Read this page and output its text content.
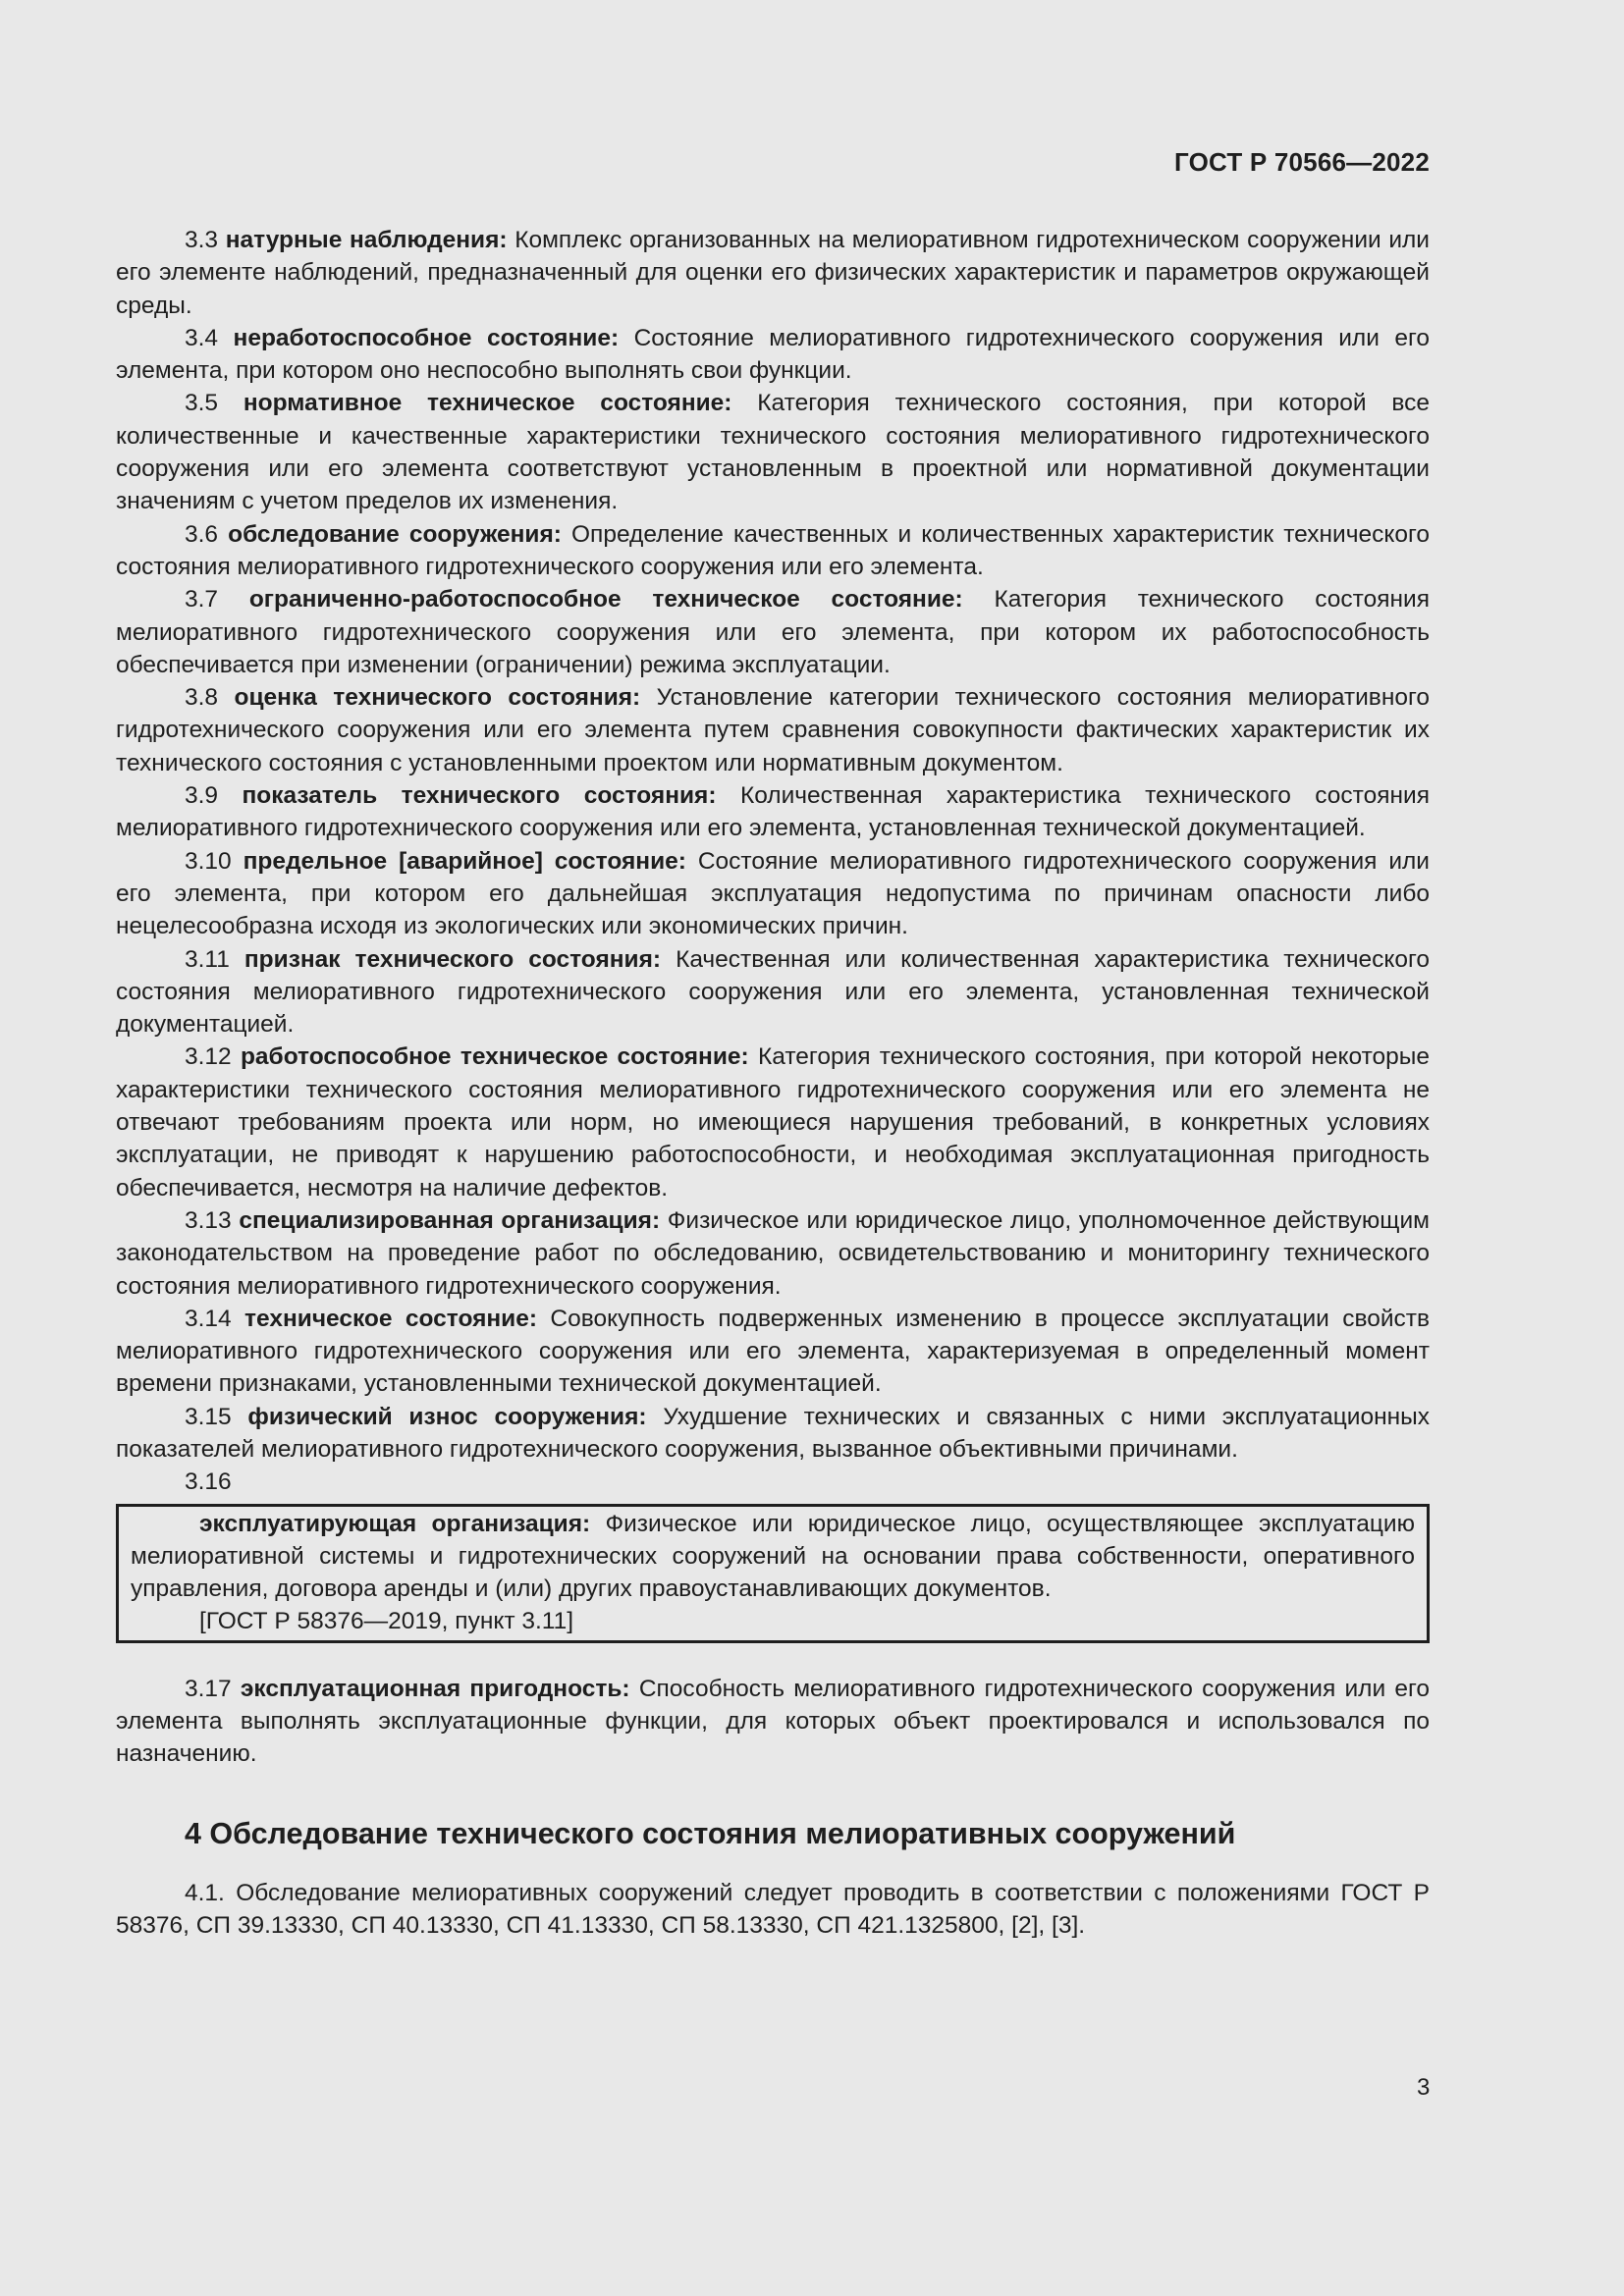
ГОСТ Р 70566—2022

3.3 натурные наблюдения: Комплекс организованных на мелиоративном гидротехническом сооружении или его элементе наблюдений, предназначенный для оценки его физических характеристик и параметров окружающей среды.

3.4 неработоспособное состояние: Состояние мелиоративного гидротехнического сооружения или его элемента, при котором оно неспособно выполнять свои функции.

3.5 нормативное техническое состояние: Категория технического состояния, при которой все количественные и качественные характеристики технического состояния мелиоративного гидротехнического сооружения или его элемента соответствуют установленным в проектной или нормативной документации значениям с учетом пределов их изменения.

3.6 обследование сооружения: Определение качественных и количественных характеристик технического состояния мелиоративного гидротехнического сооружения или его элемента.

3.7 ограниченно-работоспособное техническое состояние: Категория технического состояния мелиоративного гидротехнического сооружения или его элемента, при котором их работоспособность обеспечивается при изменении (ограничении) режима эксплуатации.

3.8 оценка технического состояния: Установление категории технического состояния мелиоративного гидротехнического сооружения или его элемента путем сравнения совокупности фактических характеристик их технического состояния с установленными проектом или нормативным документом.

3.9 показатель технического состояния: Количественная характеристика технического состояния мелиоративного гидротехнического сооружения или его элемента, установленная технической документацией.

3.10 предельное [аварийное] состояние: Состояние мелиоративного гидротехнического сооружения или его элемента, при котором его дальнейшая эксплуатация недопустима по причинам опасности либо нецелесообразна исходя из экологических или экономических причин.

3.11 признак технического состояния: Качественная или количественная характеристика технического состояния мелиоративного гидротехнического сооружения или его элемента, установленная технической документацией.

3.12 работоспособное техническое состояние: Категория технического состояния, при которой некоторые характеристики технического состояния мелиоративного гидротехнического сооружения или его элемента не отвечают требованиям проекта или норм, но имеющиеся нарушения требований, в конкретных условиях эксплуатации, не приводят к нарушению работоспособности, и необходимая эксплуатационная пригодность обеспечивается, несмотря на наличие дефектов.

3.13 специализированная организация: Физическое или юридическое лицо, уполномоченное действующим законодательством на проведение работ по обследованию, освидетельствованию и мониторингу технического состояния мелиоративного гидротехнического сооружения.

3.14 техническое состояние: Совокупность подверженных изменению в процессе эксплуатации свойств мелиоративного гидротехнического сооружения или его элемента, характеризуемая в определенный момент времени признаками, установленными технической документацией.

3.15 физический износ сооружения: Ухудшение технических и связанных с ними эксплуатационных показателей мелиоративного гидротехнического сооружения, вызванное объективными причинами.

3.16

эксплуатирующая организация: Физическое или юридическое лицо, осуществляющее эксплуатацию мелиоративной системы и гидротехнических сооружений на основании права собственности, оперативного управления, договора аренды и (или) других правоустанавливающих документов.

[ГОСТ Р 58376—2019, пункт 3.11]

3.17 эксплуатационная пригодность: Способность мелиоративного гидротехнического сооружения или его элемента выполнять эксплуатационные функции, для которых объект проектировался и использовался по назначению.

4 Обследование технического состояния мелиоративных сооружений

4.1. Обследование мелиоративных сооружений следует проводить в соответствии с положениями ГОСТ Р 58376, СП 39.13330, СП 40.13330, СП 41.13330, СП 58.13330, СП 421.1325800, [2], [3].

3
